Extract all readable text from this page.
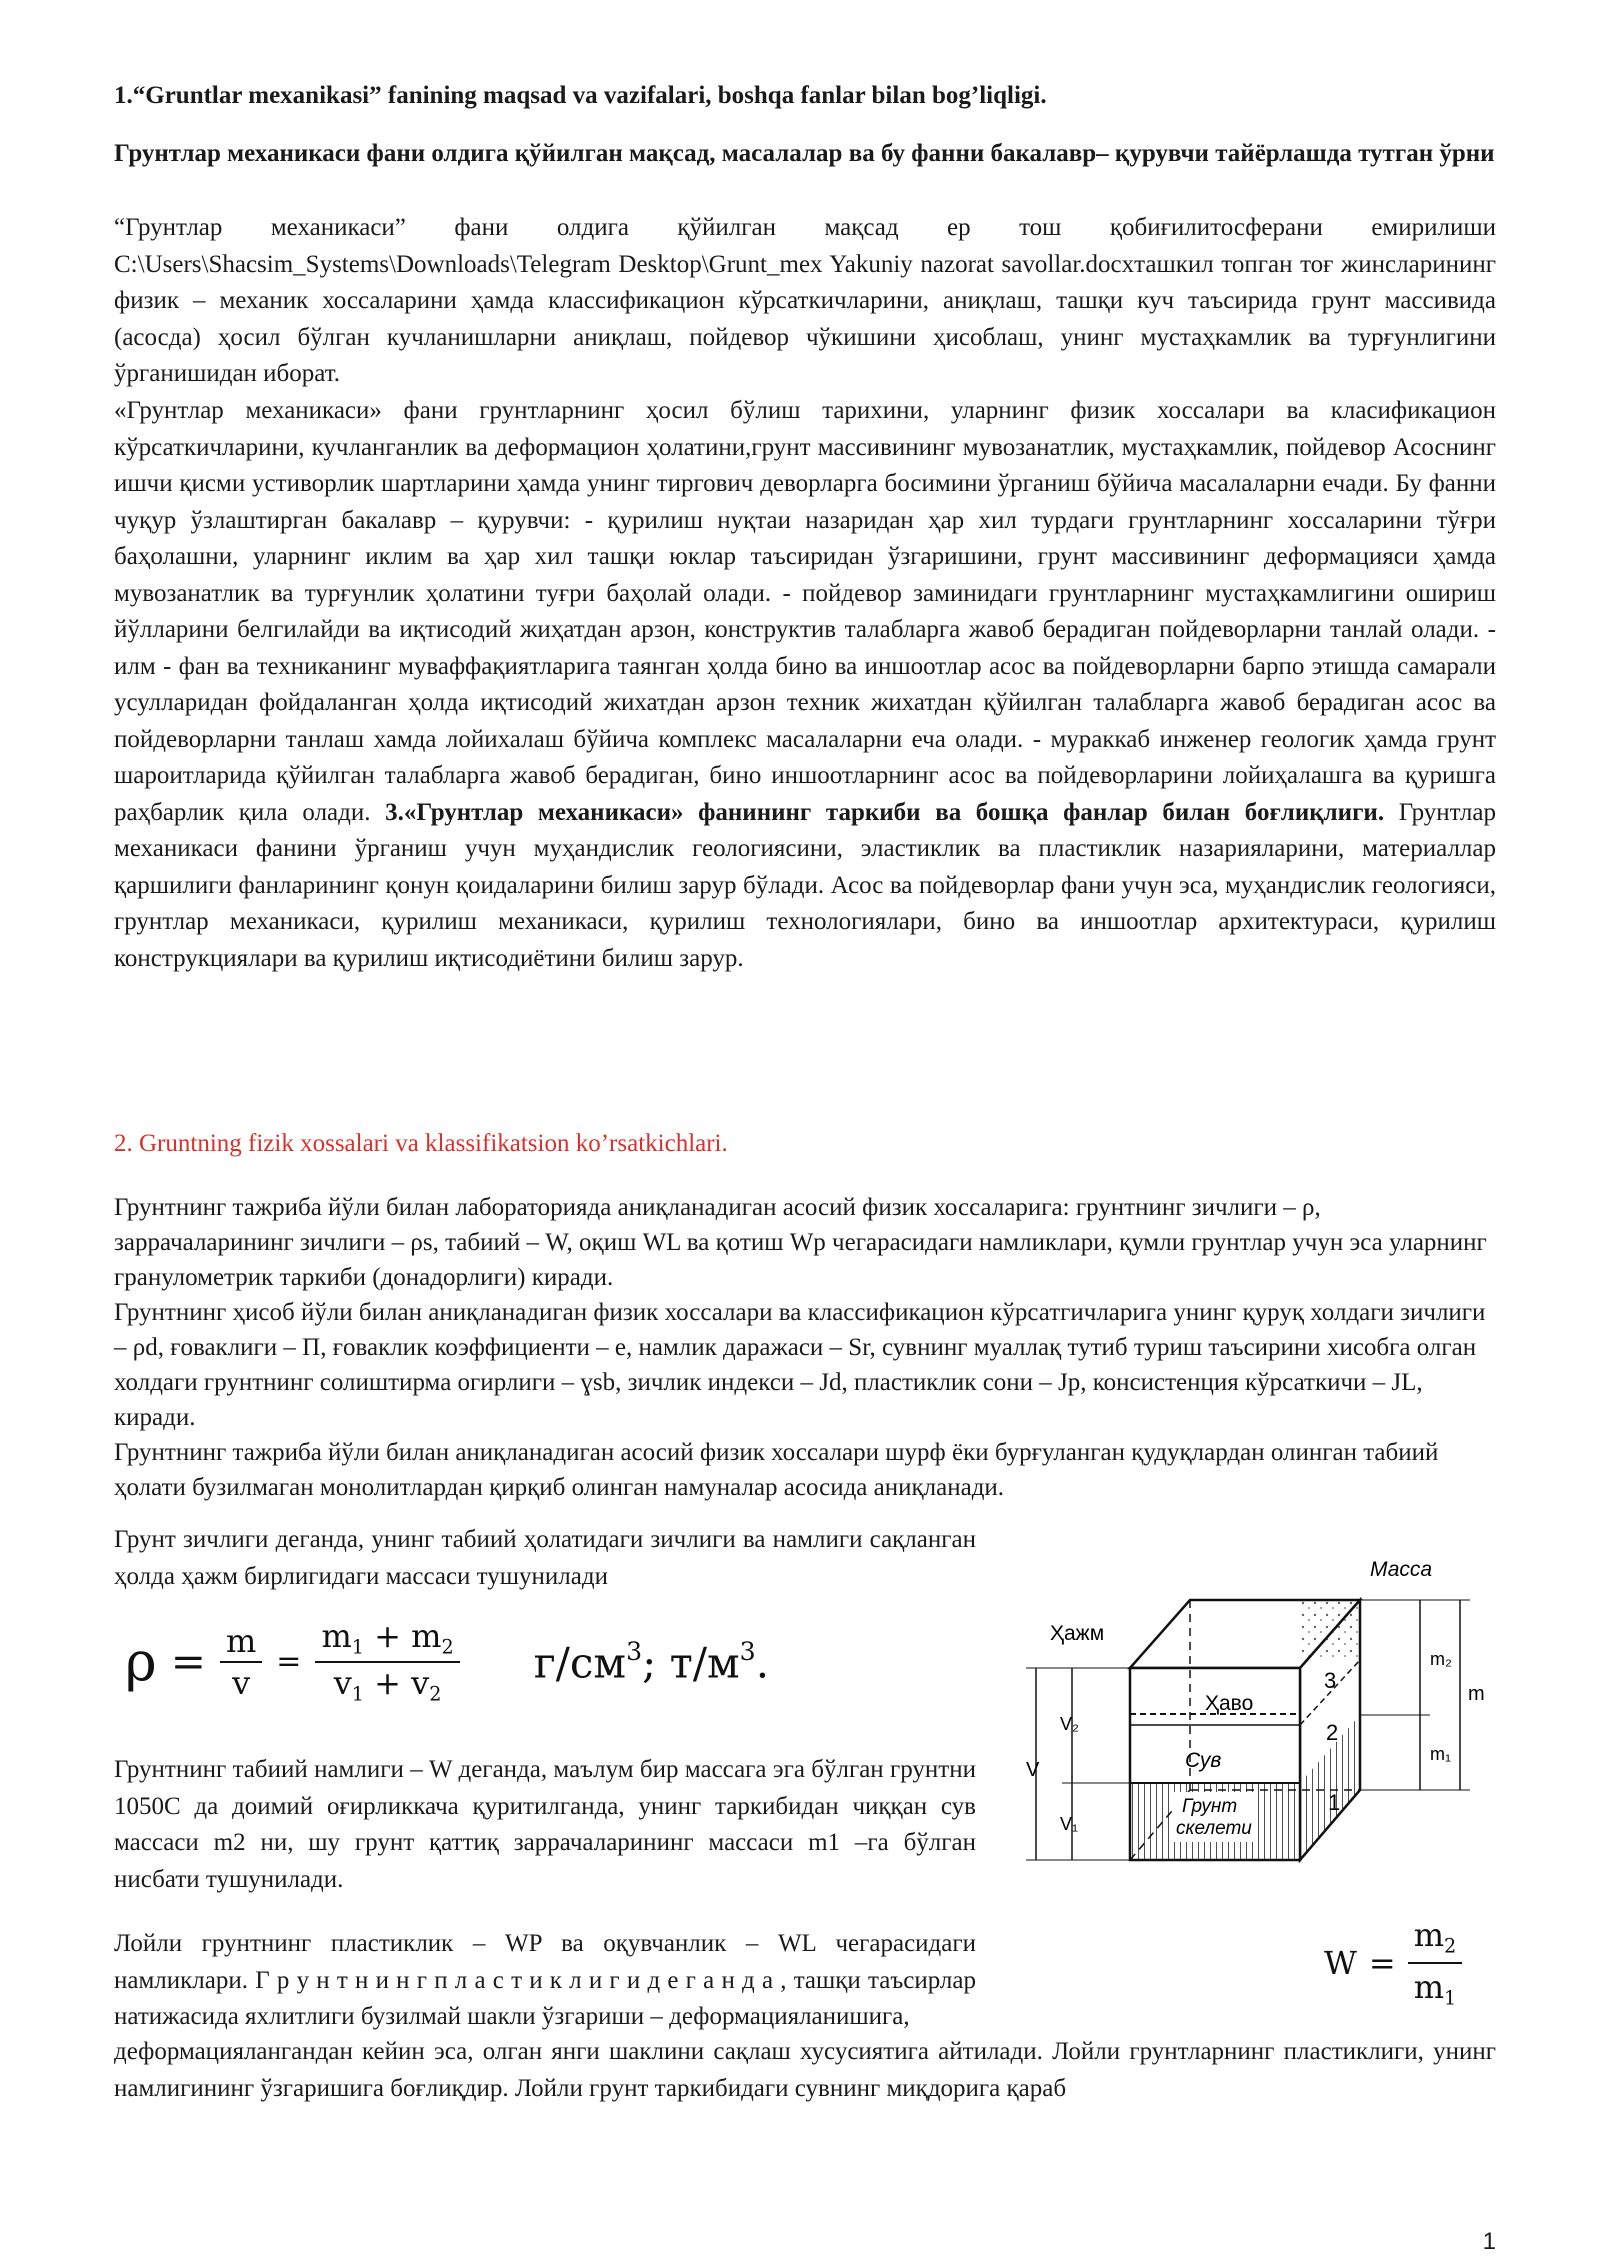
1.“Gruntlar mexanikasi” fanining maqsad va vazifalari, boshqa fanlar bilan bog’liqligi.
Грунтлар механикаси фани олдига қўйилган мақсад, масалалар ва бу фанни бакалавр– қурувчи тайёрлашда тутган ўрни
“Грунтлар механикаси” фани олдига қўйилган мақсад ер тош қобиғилитосферани емирилиши C:\Users\Shacsim_Systems\Downloads\Telegram Desktop\Grunt_mex Yakuniy nazorat savollar.docxташкил топган тоғ жинсларининг физик – механик хоссаларини ҳамда классификацион кўрсаткичларини, аниқлаш, ташқи куч таъсирида грунт массивида (асосда) ҳосил бўлган кучланишларни аниқлаш, пойдевор чўкишини ҳисоблаш, унинг мустаҳкамлик ва турғунлигини ўрганишидан иборат.
«Грунтлар механикаси» фани грунтларнинг ҳосил бўлиш тарихини, уларнинг физик хоссалари ва класификацион кўрсаткичларини, кучланганлик ва деформацион ҳолатини,грунт массивининг мувозанатлик, мустаҳкамлик, пойдевор Асоснинг ишчи қисми устиворлик шартларини ҳамда унинг тиргович деворларга босимини ўрганиш бўйича масалаларни ечади. Бу фанни чуқур ўзлаштирган бакалавр – қурувчи: - қурилиш нуқтаи назаридан ҳар хил турдаги грунтларнинг хоссаларини тўғри баҳолашни, уларнинг иклим ва ҳар хил ташқи юклар таъсиридан ўзгаришини, грунт массивининг деформацияси ҳамда мувозанатлик ва турғунлик ҳолатини туғри баҳолай олади. - пойдевор заминидаги грунтларнинг мустаҳкамлигини ошириш йўлларини белгилайди ва иқтисодий жиҳатдан арзон, конструктив талабларга жавоб берадиган пойдеворларни танлай олади. - илм - фан ва техниканинг муваффақиятларига таянган ҳолда бино ва иншоотлар асос ва пойдеворларни барпо этишда самарали усулларидан фойдаланган ҳолда иқтисодий жихатдан арзон техник жихатдан қўйилган талабларга жавоб берадиган асос ва пойдеворларни танлаш хамда лойихалаш бўйича комплекс масалаларни еча олади. - мураккаб инженер геологик ҳамда грунт шароитларида қўйилган талабларга жавоб берадиган, бино иншоотларнинг асос ва пойдеворларини лойиҳалашга ва қуришга раҳбарлик қила олади. 3.«Грунтлар механикаси» фанининг таркиби ва бошқа фанлар билан боғлиқлиги. Грунтлар механикаси фанини ўрганиш учун муҳандислик геологиясини, эластиклик ва пластиклик назарияларини, материаллар қаршилиги фанларининг қонун қоидаларини билиш зарур бўлади. Асос ва пойдеворлар фани учун эса, муҳандислик геологияси, грунтлар механикаси, қурилиш механикаси, қурилиш технологиялари, бино ва иншоотлар архитектураси, қурилиш конструкциялари ва қурилиш иқтисодиётини билиш зарур.
2. Gruntning fizik xossalari va klassifikatsion ko’rsatkichlari.
Грунтнинг тажриба йўли билан лабораторияда аниқланадиган асосий физик хоссаларига: грунтнинг зичлиги – ρ, заррачаларининг зичлиги – ρs, табиий – W, оқиш WL ва қотиш Wp чегарасидаги намликлари, қумли грунтлар учун эса уларнинг гранулометрик таркиби (донадорлиги) киради.
Грунтнинг ҳисоб йўли билан аниқланадиган физик хоссалари ва классификацион кўрсатгичларига унинг қуруқ холдаги зичлиги – ρd, ғоваклиги – П, ғоваклик коэффициенти – е, намлик даражаси – Sr, сувнинг муаллақ тутиб туриш таъсирини хисобга олган холдаги грунтнинг солиштирма огирлиги – ɣsb, зичлик индекси – Jd, пластиклик сони – Jp, консистенция кўрсаткичи – JL, киради.
Грунтнинг тажриба йўли билан аниқланадиган асосий физик хоссалари шурф ёки бурғуланган қудуқлардан олинган табиий ҳолати бузилмаган монолитлардан қирқиб олинган намуналар асосида аниқланади.
Грунт зичлиги деганда, унинг табиий ҳолатидаги зичлиги ва намлиги сақланган ҳолда ҳажм бирлигидаги массаси тушунилади
$\rho = \frac{m}{v} = \frac{m_1 + m_2}{v_1 + v_2} г/см^3$; $т/м^3$.
Грунтнинг табиий намлиги – W деганда, маълум бир массага эга бўлган грунтни 1050С да доимий оғирликкача қуритилганда, унинг таркибидан чиққан сув массаси m2 ни, шу грунт қаттиқ заррачаларининг массаси m1 –га бўлган нисбати тушунилади.
Лойли грунтнинг пластиклик – WP ва оқувчанлик – WL чегарасидаги намликлари. Г р у н т н и н г п л а с т и к л и г и д е г а н д а , ташқи таъсирлар натижасида яхлитлиги бузилмай шакли ўзгариши – деформацияланишига,
$W = \frac{m_2}{m_1}$
деформациялангандан кейин эса, олган янги шаклини сақлаш хусусиятига айтилади. Лойли грунтларнинг пластиклиги, унинг намлигининг ўзгаришига боғлиқдир. Лойли грунт таркибидаги сувнинг миқдорига қараб
Масса
Ҳажм
Ҳаво
Сув
Грунт
скелети
3
2
1
V
V₂
V₁
m₂
m₁
m
1
